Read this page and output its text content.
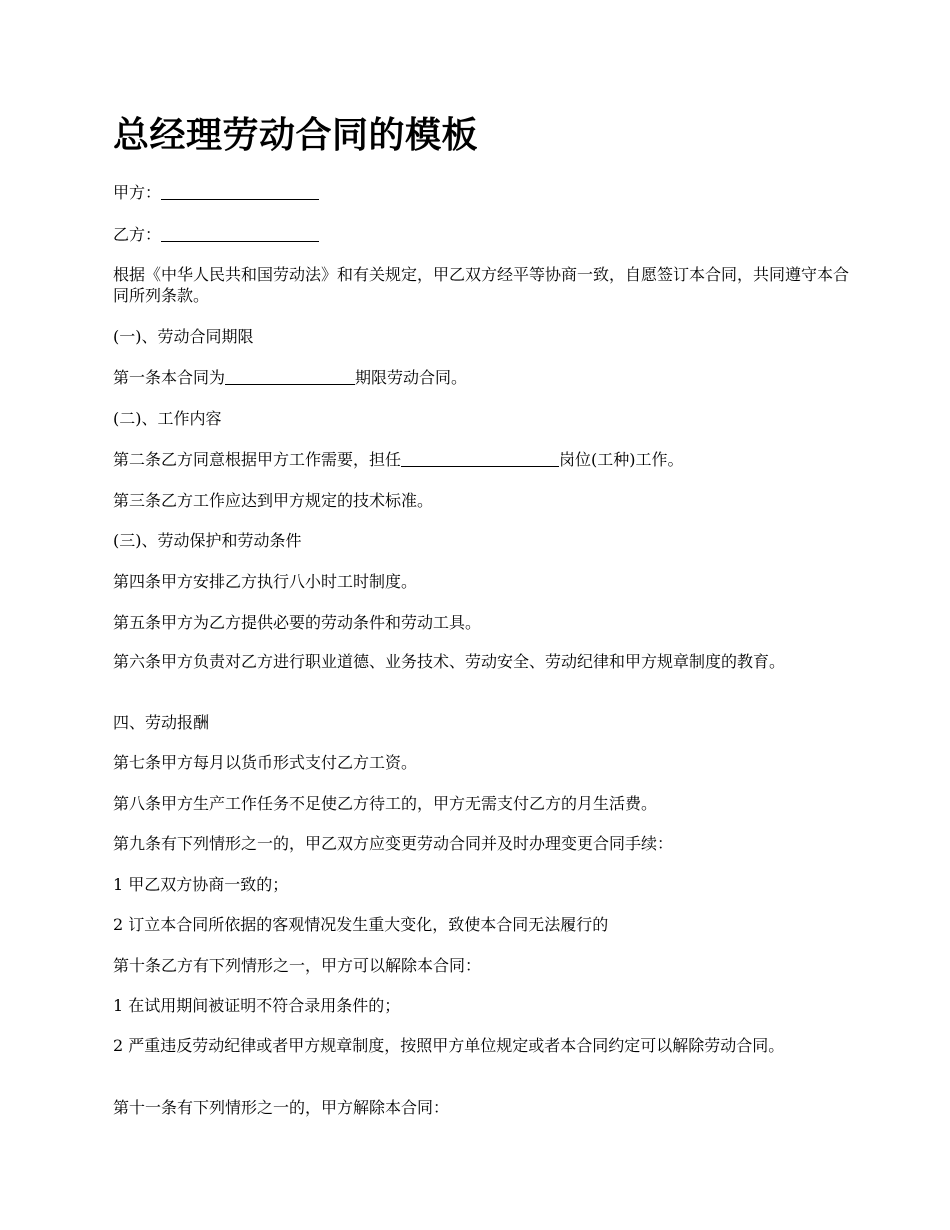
总经理劳动合同的模板

甲方：

乙方：

根据《中华人民共和国劳动法》和有关规定，甲乙双方经平等协商一致，自愿签订本合同，共同遵守本合同所列条款。

(一)、劳动合同期限

第一条本合同为	期限劳动合同。

(二)、工作内容

第二条乙方同意根据甲方工作需要，担任	岗位(工种)工作。

第三条乙方工作应达到甲方规定的技术标准。

(三)、劳动保护和劳动条件

第四条甲方安排乙方执行八小时工时制度。

第五条甲方为乙方提供必要的劳动条件和劳动工具。

第六条甲方负责对乙方进行职业道德、业务技术、劳动安全、劳动纪律和甲方规章制度的教育。

四、劳动报酬

第七条甲方每月以货币形式支付乙方工资。

第八条甲方生产工作任务不足使乙方待工的，甲方无需支付乙方的月生活费。

第九条有下列情形之一的，甲乙双方应变更劳动合同并及时办理变更合同手续：

1 甲乙双方协商一致的；

2 订立本合同所依据的客观情况发生重大变化，致使本合同无法履行的

第十条乙方有下列情形之一，甲方可以解除本合同：

1 在试用期间被证明不符合录用条件的；

2 严重违反劳动纪律或者甲方规章制度，按照甲方单位规定或者本合同约定可以解除劳动合同。

第十一条有下列情形之一的，甲方解除本合同：
